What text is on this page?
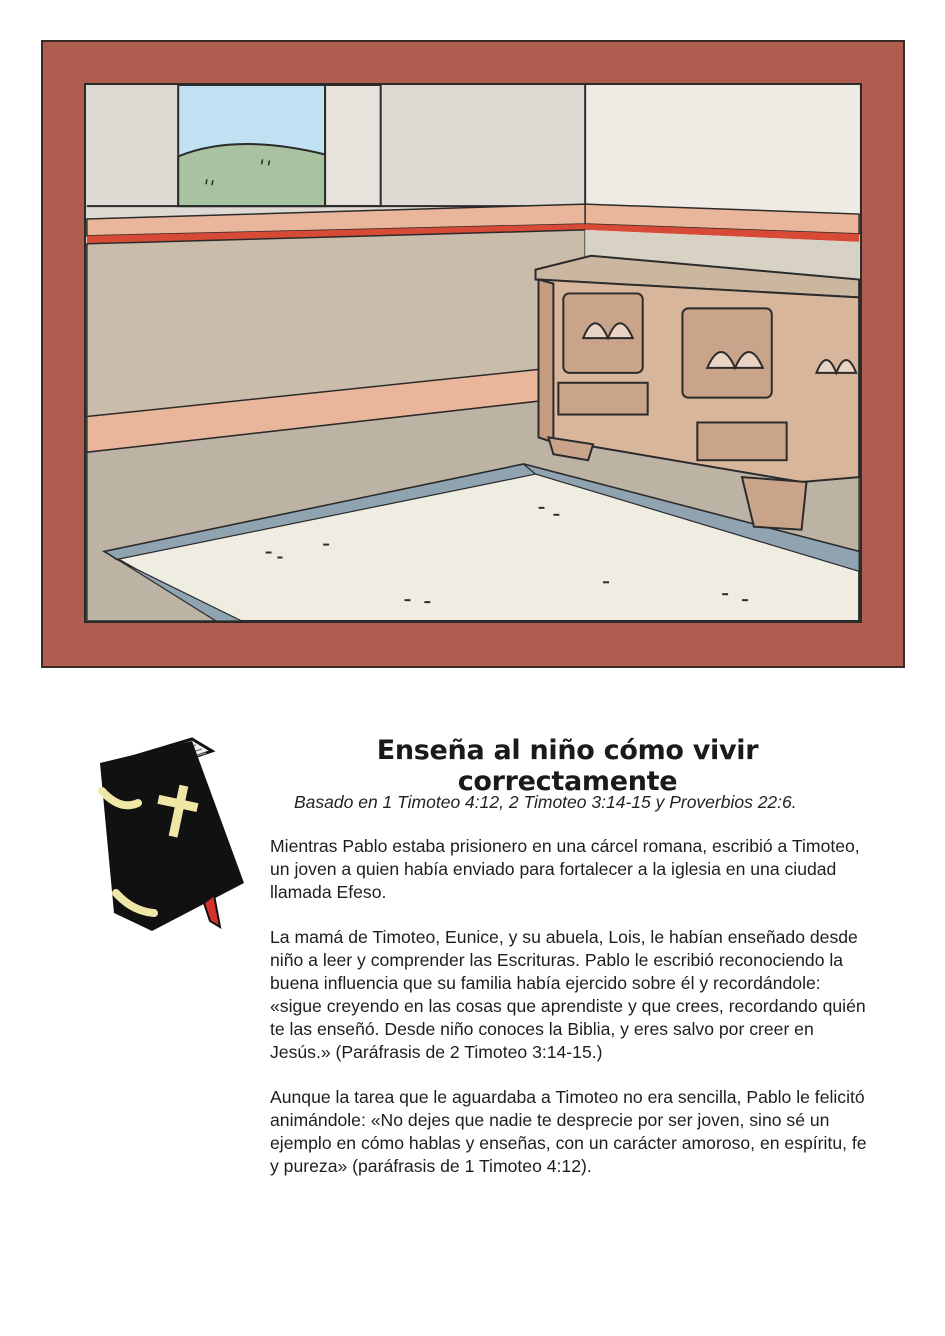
Enseña al niño cómo vivir correctamente

Basado en 1 Timoteo 4:12, 2 Timoteo 3:14-15 y Proverbios 22:6.

Mientras Pablo estaba prisionero en una cárcel romana, escribió a Timoteo, un joven a quien había enviado para fortalecer a la iglesia en una ciudad llamada Efeso.

La mamá de Timoteo, Eunice, y su abuela, Lois, le habían enseñado desde niño a leer y comprender las Escrituras. Pablo le escribió reconociendo la buena influencia que su familia había ejercido sobre él y recordándole: «sigue creyendo en las cosas que aprendiste y que crees, recordando quién te las enseñó. Desde niño conoces la Biblia, y eres salvo por creer en Jesús.» (Paráfrasis de 2 Timoteo 3:14-15.)

Aunque la tarea que le aguardaba a Timoteo no era sencilla, Pablo le felicitó animándole: «No dejes que nadie te desprecie por ser joven, sino sé un ejemplo en cómo hablas y enseñas, con un carácter amoroso, en espíritu, fe y pureza» (paráfrasis de 1 Timoteo 4:12).
